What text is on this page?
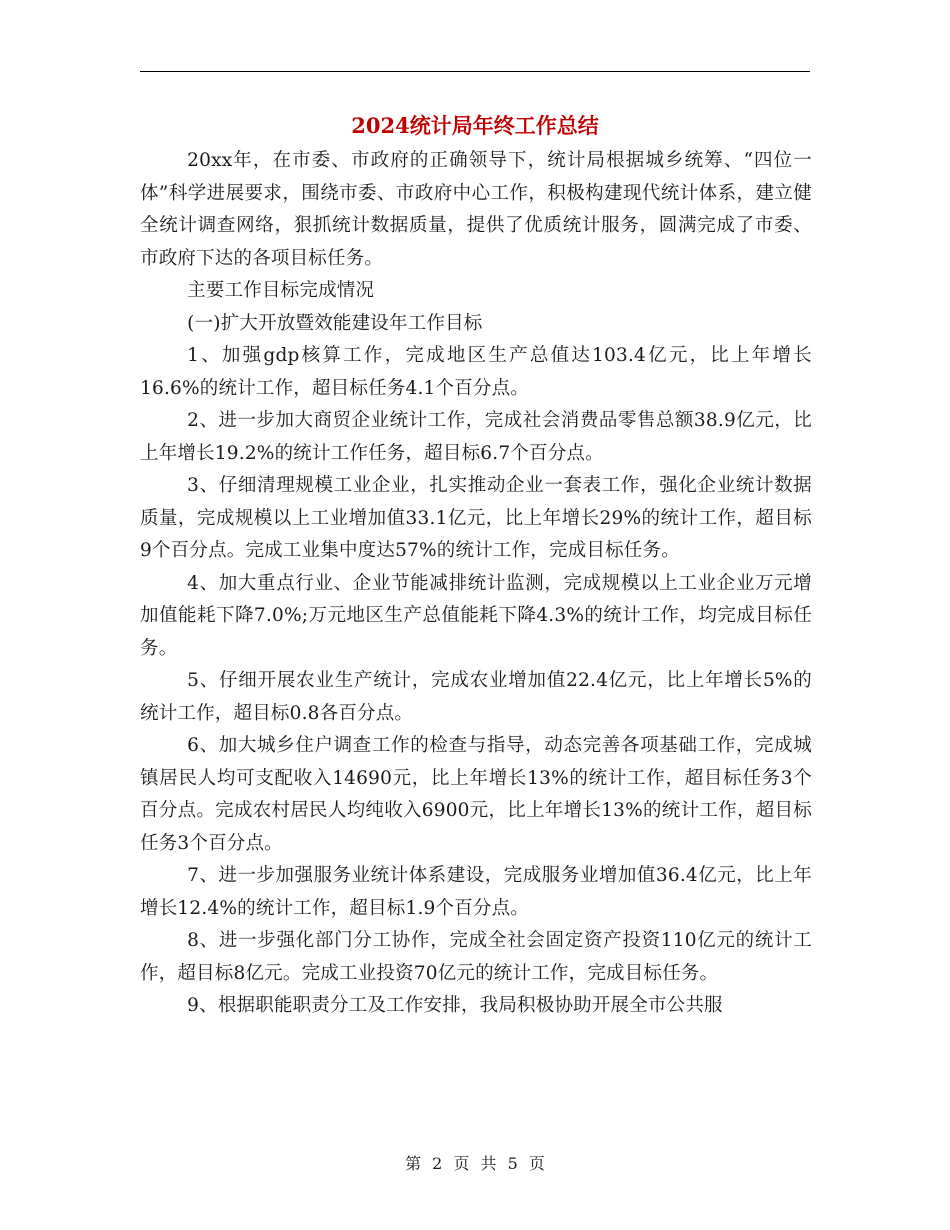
2024统计局年终工作总结

20xx年，在市委、市政府的正确领导下，统计局根据城乡统筹、“四位一体”科学进展要求，围绕市委、市政府中心工作，积极构建现代统计体系，建立健全统计调查网络，狠抓统计数据质量，提供了优质统计服务，圆满完成了市委、市政府下达的各项目标任务。

主要工作目标完成情况

(一)扩大开放暨效能建设年工作目标

1、加强gdp核算工作，完成地区生产总值达103.4亿元，比上年增长16.6%的统计工作，超目标任务4.1个百分点。

2、进一步加大商贸企业统计工作，完成社会消费品零售总额38.9亿元，比上年增长19.2%的统计工作任务，超目标6.7个百分点。

3、仔细清理规模工业企业，扎实推动企业一套表工作，强化企业统计数据质量，完成规模以上工业增加值33.1亿元，比上年增长29%的统计工作，超目标9个百分点。完成工业集中度达57%的统计工作，完成目标任务。

4、加大重点行业、企业节能减排统计监测，完成规模以上工业企业万元增加值能耗下降7.0%;万元地区生产总值能耗下降4.3%的统计工作，均完成目标任务。

5、仔细开展农业生产统计，完成农业增加值22.4亿元，比上年增长5%的统计工作，超目标0.8各百分点。

6、加大城乡住户调查工作的检查与指导，动态完善各项基础工作，完成城镇居民人均可支配收入14690元，比上年增长13%的统计工作，超目标任务3个百分点。完成农村居民人均纯收入6900元，比上年增长13%的统计工作，超目标任务3个百分点。

7、进一步加强服务业统计体系建设，完成服务业增加值36.4亿元，比上年增长12.4%的统计工作，超目标1.9个百分点。

8、进一步强化部门分工协作，完成全社会固定资产投资110亿元的统计工作，超目标8亿元。完成工业投资70亿元的统计工作，完成目标任务。

9、根据职能职责分工及工作安排，我局积极协助开展全市公共服

第 2 页 共 5 页
